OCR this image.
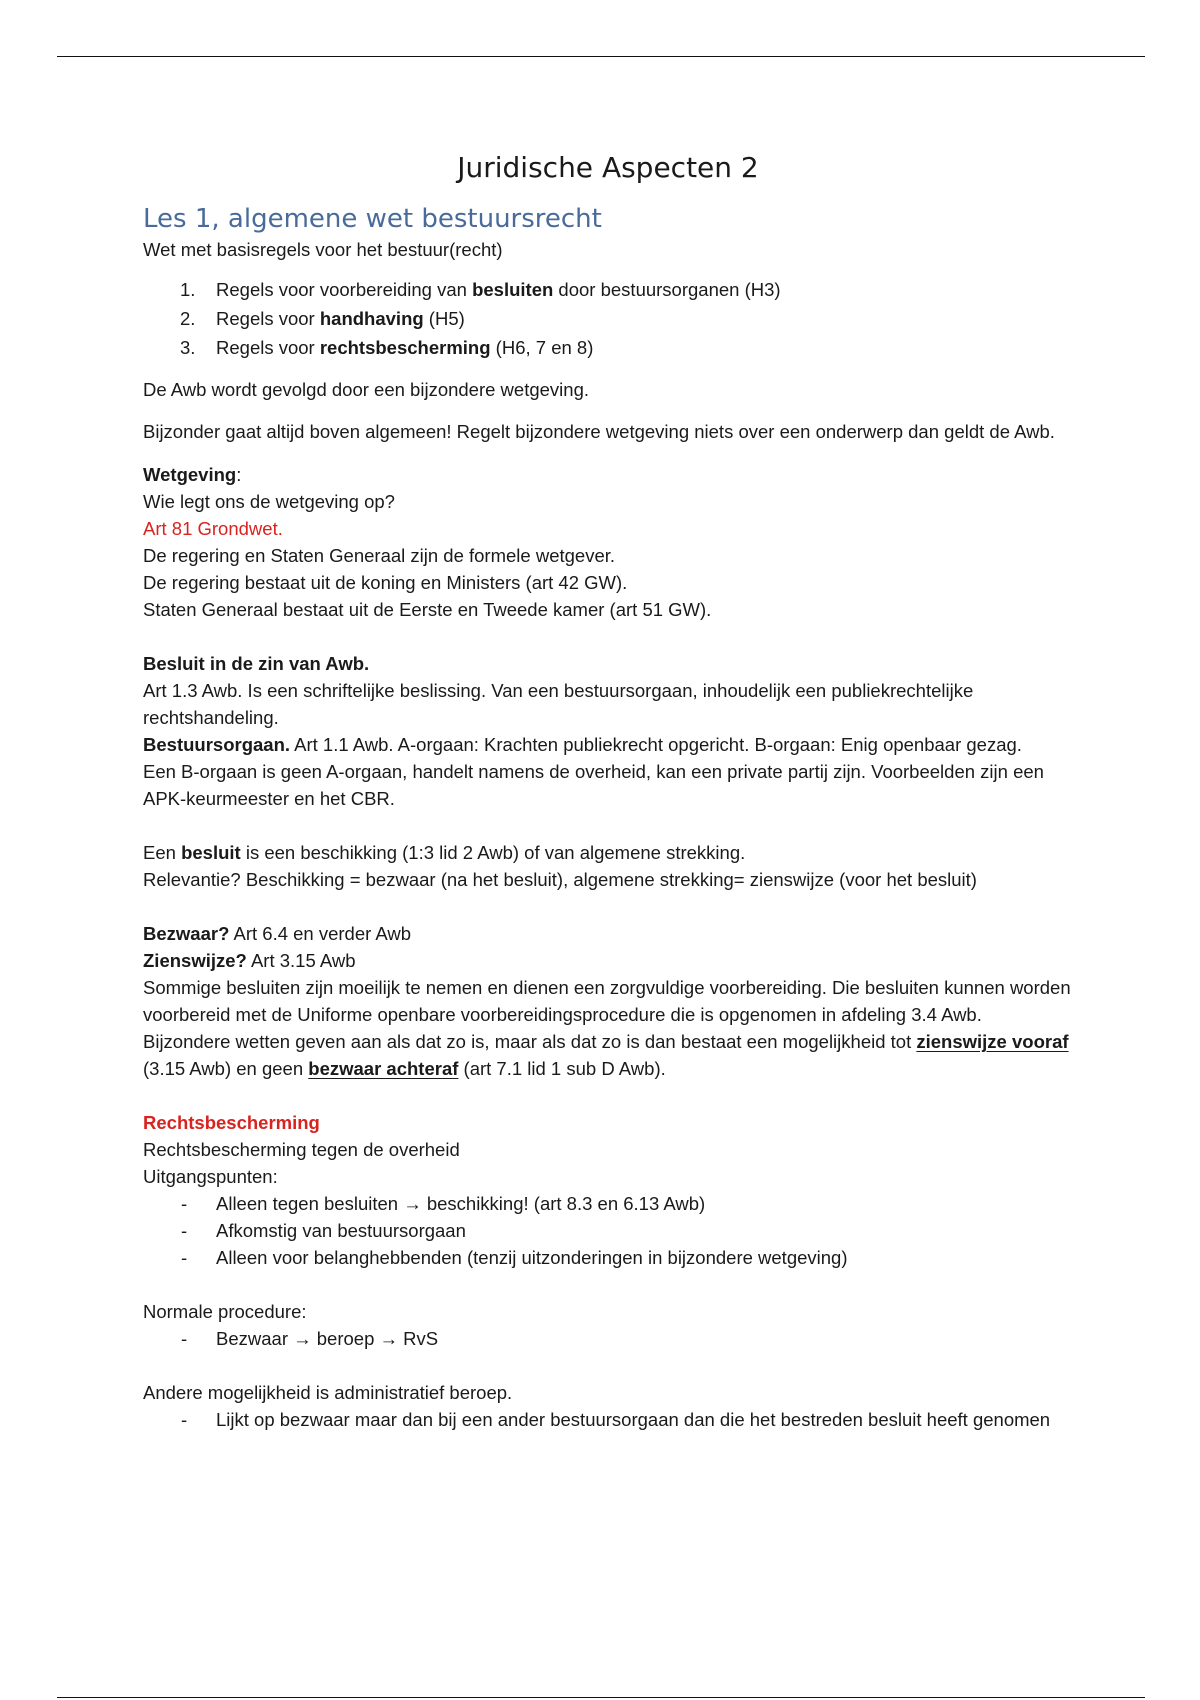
Juridische Aspecten 2
Les 1, algemene wet bestuursrecht

Wet met basisregels voor het bestuur(recht)

1. Regels voor voorbereiding van besluiten door bestuursorganen (H3)
2. Regels voor handhaving (H5)
3. Regels voor rechtsbescherming (H6, 7 en 8)

De Awb wordt gevolgd door een bijzondere wetgeving.

Bijzonder gaat altijd boven algemeen! Regelt bijzondere wetgeving niets over een onderwerp dan geldt de Awb.

Wetgeving:

Wie legt ons de wetgeving op?

Art 81 Grondwet.

De regering en Staten Generaal zijn de formele wetgever.

De regering bestaat uit de koning en Ministers (art 42 GW).

Staten Generaal bestaat uit de Eerste en Tweede kamer (art 51 GW).

Besluit in de zin van Awb.

Art 1.3 Awb. Is een schriftelijke beslissing. Van een bestuursorgaan, inhoudelijk een publiekrechtelijke rechtshandeling.

Bestuursorgaan. Art 1.1 Awb. A-orgaan: Krachten publiekrecht opgericht. B-orgaan: Enig openbaar gezag.

Een B-orgaan is geen A-orgaan, handelt namens de overheid, kan een private partij zijn. Voorbeelden zijn een APK-keurmeester en het CBR.

Een besluit is een beschikking (1:3 lid 2 Awb) of van algemene strekking.

Relevantie? Beschikking = bezwaar (na het besluit), algemene strekking= zienswijze (voor het besluit)

Bezwaar? Art 6.4 en verder Awb

Zienswijze? Art 3.15 Awb

Sommige besluiten zijn moeilijk te nemen en dienen een zorgvuldige voorbereiding. Die besluiten kunnen worden voorbereid met de Uniforme openbare voorbereidingsprocedure die is opgenomen in afdeling 3.4 Awb. Bijzondere wetten geven aan als dat zo is, maar als dat zo is dan bestaat een mogelijkheid tot zienswijze vooraf (3.15 Awb) en geen bezwaar achteraf (art 7.1 lid 1 sub D Awb).

Rechtsbescherming

Rechtsbescherming tegen de overheid

Uitgangspunten:

- Alleen tegen besluiten → beschikking! (art 8.3 en 6.13 Awb)
- Afkomstig van bestuursorgaan
- Alleen voor belanghebbenden (tenzij uitzonderingen in bijzondere wetgeving)

Normale procedure:

- Bezwaar → beroep → RvS

Andere mogelijkheid is administratief beroep.

- Lijkt op bezwaar maar dan bij een ander bestuursorgaan dan die het bestreden besluit heeft genomen
